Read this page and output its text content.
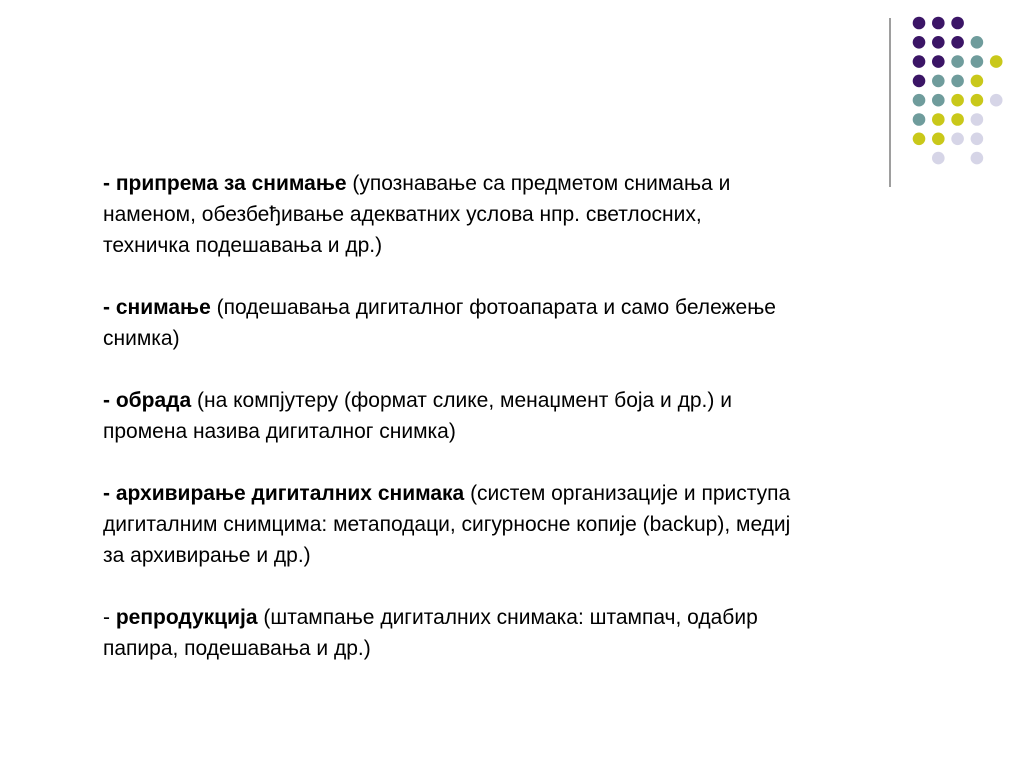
- припрема за снимање (упознавање са предметом снимања и
наменом, обезбеђивање адекватних услова нпр. светлосних,
техничка подешавања и др.)

- снимање (подешавања дигиталног фотоапарата и само бележење
снимка)

- обрада (на компјутеру (формат слике, менаџмент боја и др.) и
промена назива дигиталног снимка)

- архивирање дигиталних снимака (систем организације и приступа
дигиталним снимцима: метаподаци, сигурносне копије (backup), медиј
за архивирање и др.)

- репродукција (штампање дигиталних снимака: штампач, одабир
папира, подешавања и др.)
